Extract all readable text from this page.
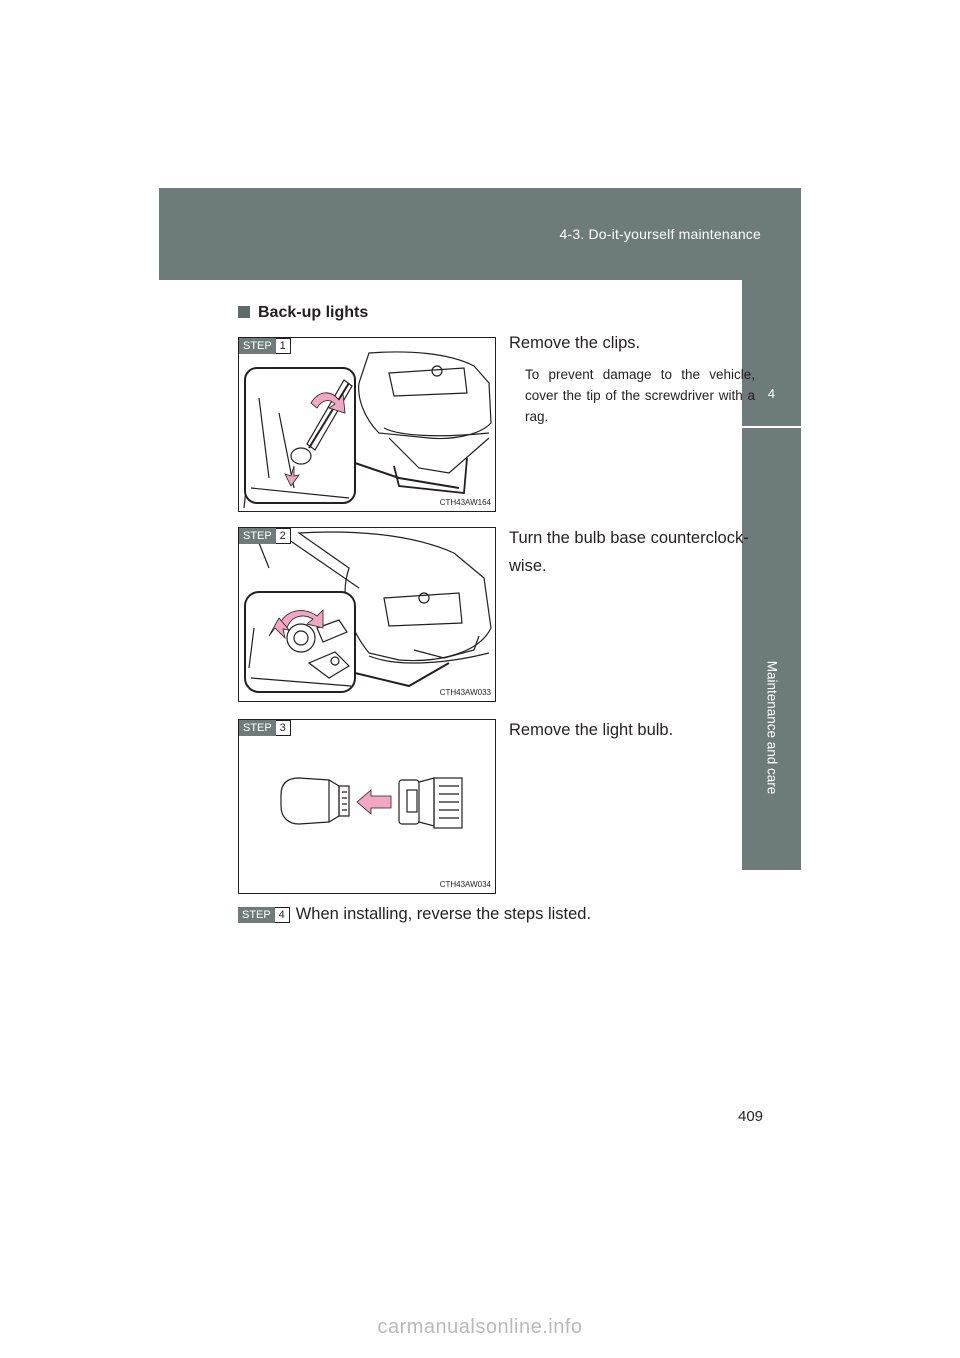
4-3. Do-it-yourself maintenance
4
Maintenance and care
Back-up lights
STEP 1
CTH43AW164
Remove the clips.
To prevent damage to the vehicle, cover the tip of the screwdriver with a rag.
STEP 2
CTH43AW033
Turn the bulb base counterclock-wise.
STEP 3
CTH43AW034
Remove the light bulb.
STEP 4 When installing, reverse the steps listed.
409
carmanualsonline.info
